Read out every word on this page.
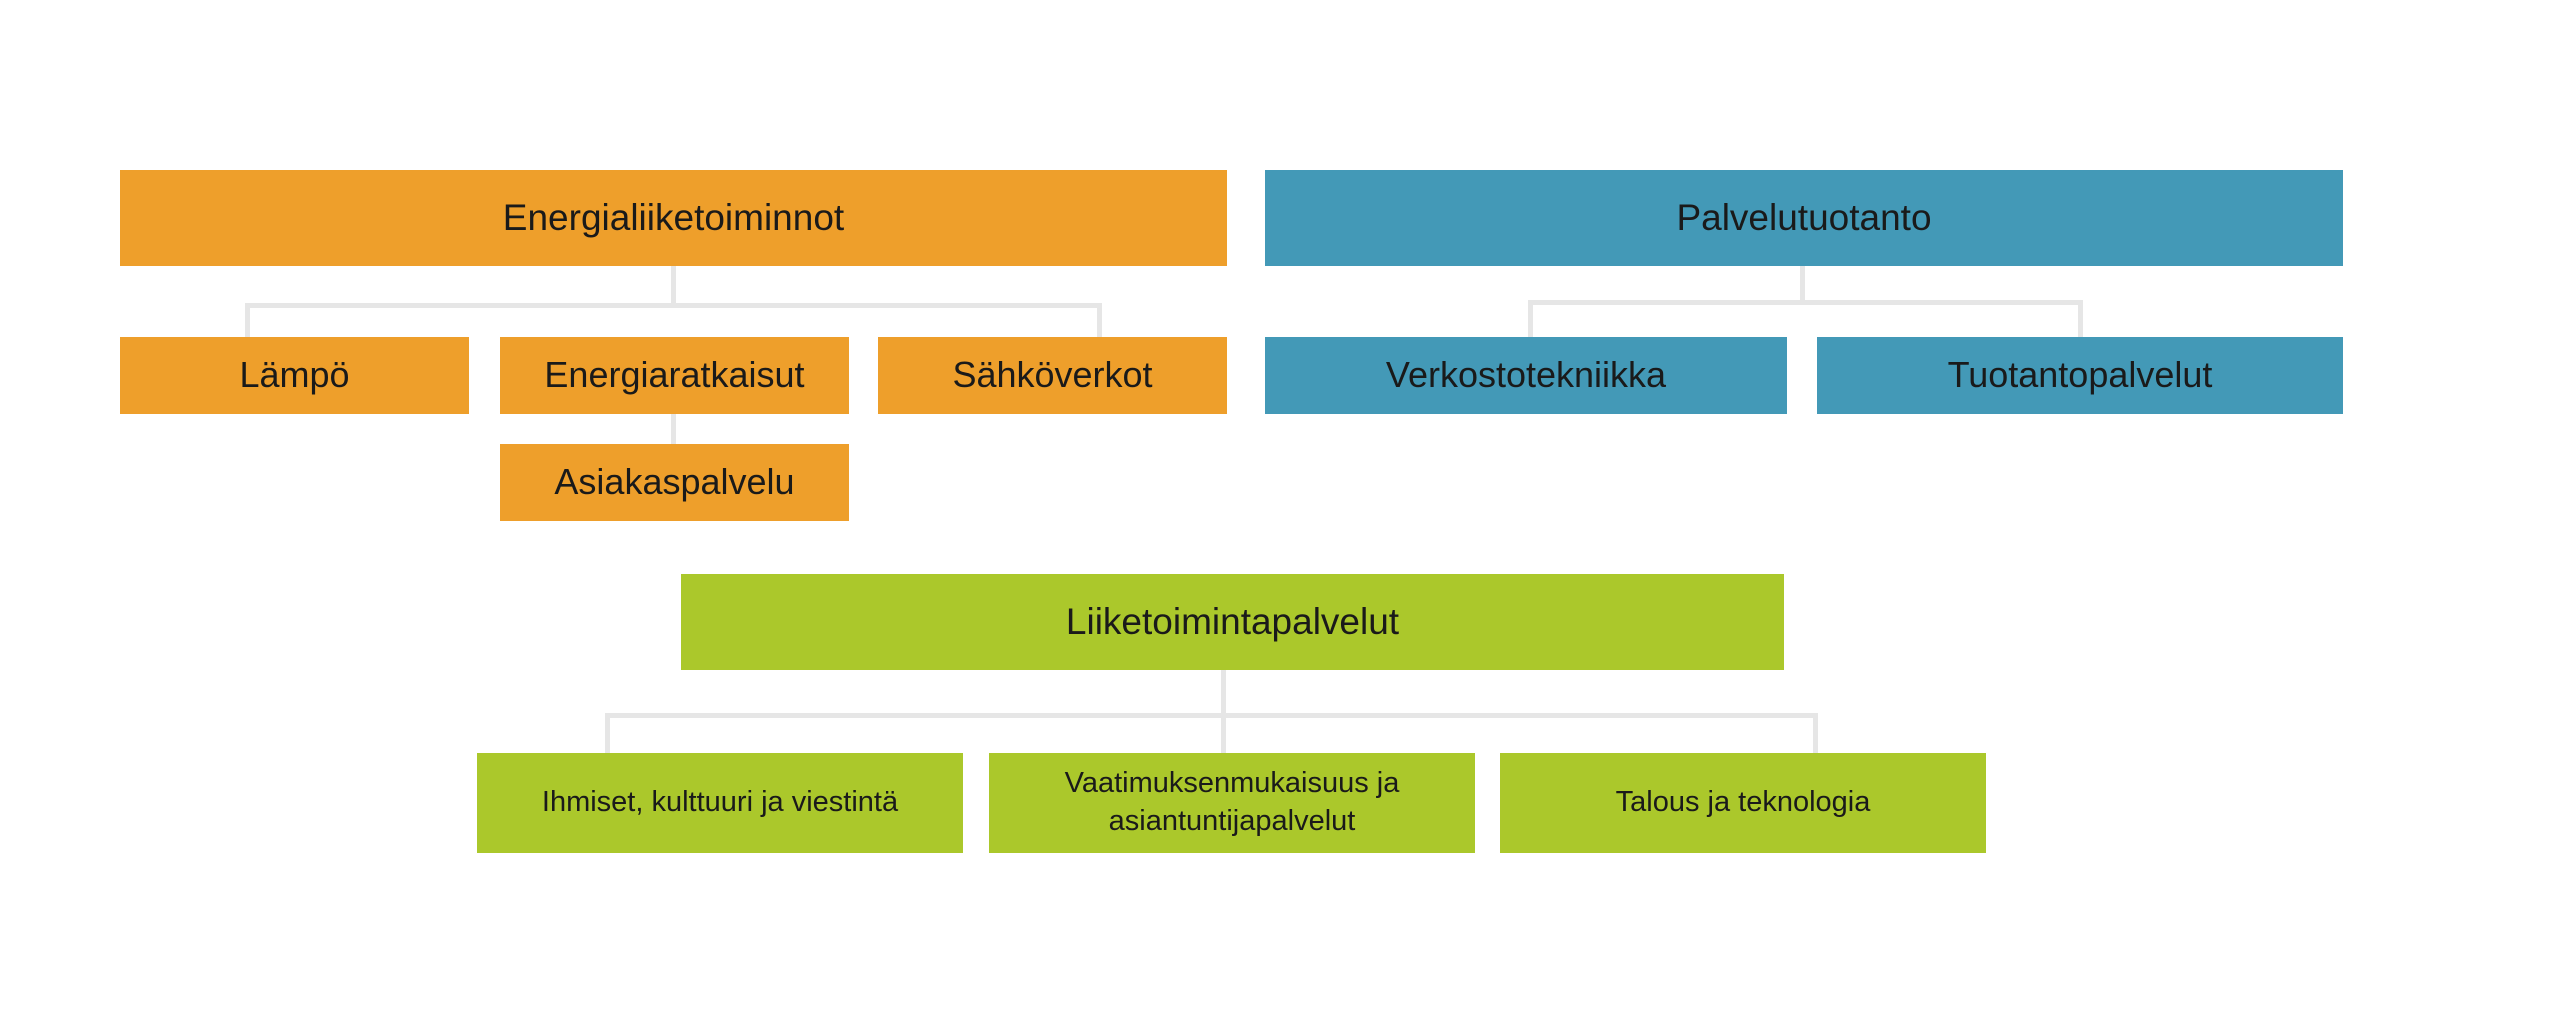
Energialiiketoiminnot
Lämpö	Energiaratkaisut	Sähköverkot
Asiakaspalvelu
Palvelutuotanto
Verkostotekniikka	Tuotantopalvelut
Liiketoimintapalvelut
Ihmiset, kulttuuri ja viestintä
Vaatimuksenmukaisuus ja asiantuntijapalvelut
Talous ja teknologia
